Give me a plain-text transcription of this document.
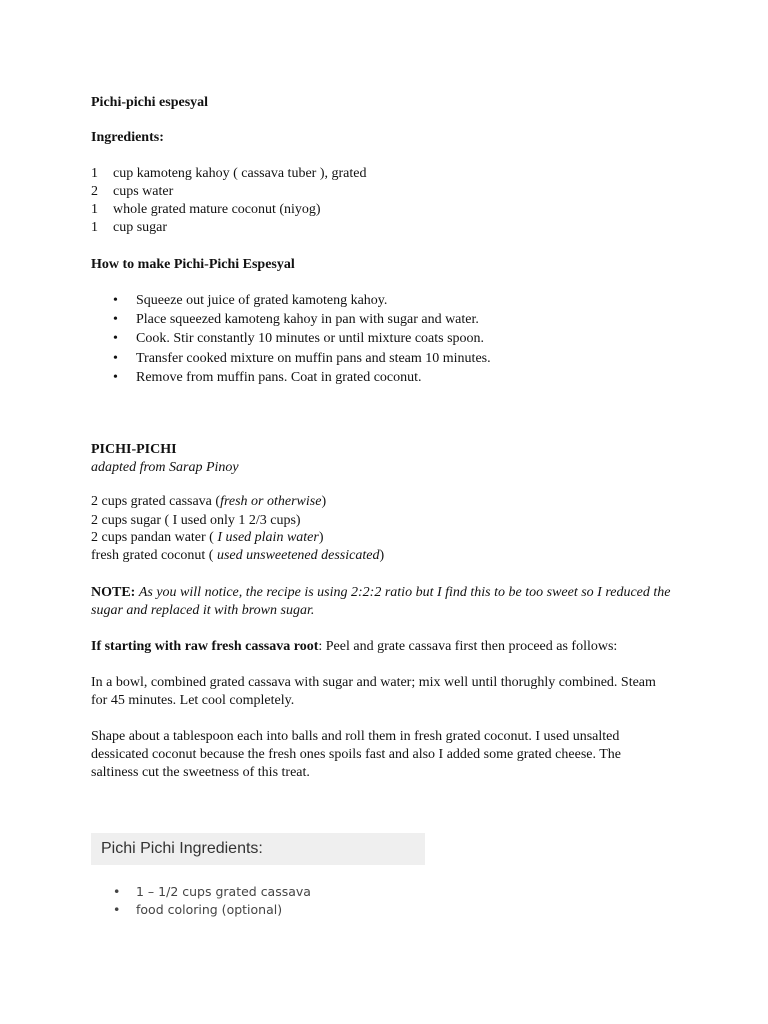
Pichi-pichi espesyal
Ingredients:
1 cup kamoteng kahoy ( cassava tuber ), grated
2 cups water
1 whole grated mature coconut (niyog)
1 cup sugar
How to make Pichi-Pichi Espesyal
• Squeeze out juice of grated kamoteng kahoy.
• Place squeezed kamoteng kahoy in pan with sugar and water.
• Cook. Stir constantly 10 minutes or until mixture coats spoon.
• Transfer cooked mixture on muffin pans and steam 10 minutes.
• Remove from muffin pans. Coat in grated coconut.
PICHI-PICHI
adapted from Sarap Pinoy
2 cups grated cassava (fresh or otherwise)
2 cups sugar ( I used only 1 2/3 cups)
2 cups pandan water ( I used plain water)
fresh grated coconut ( used unsweetened dessicated)
NOTE: As you will notice, the recipe is using 2:2:2 ratio but I find this to be too sweet so I reduced the sugar and replaced it with brown sugar.
If starting with raw fresh cassava root: Peel and grate cassava first then proceed as follows:
In a bowl, combined grated cassava with sugar and water; mix well until thorughly combined. Steam for 45 minutes. Let cool completely.
Shape about a tablespoon each into balls and roll them in fresh grated coconut. I used unsalted dessicated coconut because the fresh ones spoils fast and also I added some grated cheese. The saltiness cut the sweetness of this treat.
Pichi Pichi Ingredients:
• 1 – 1/2 cups grated cassava
• food coloring (optional)
